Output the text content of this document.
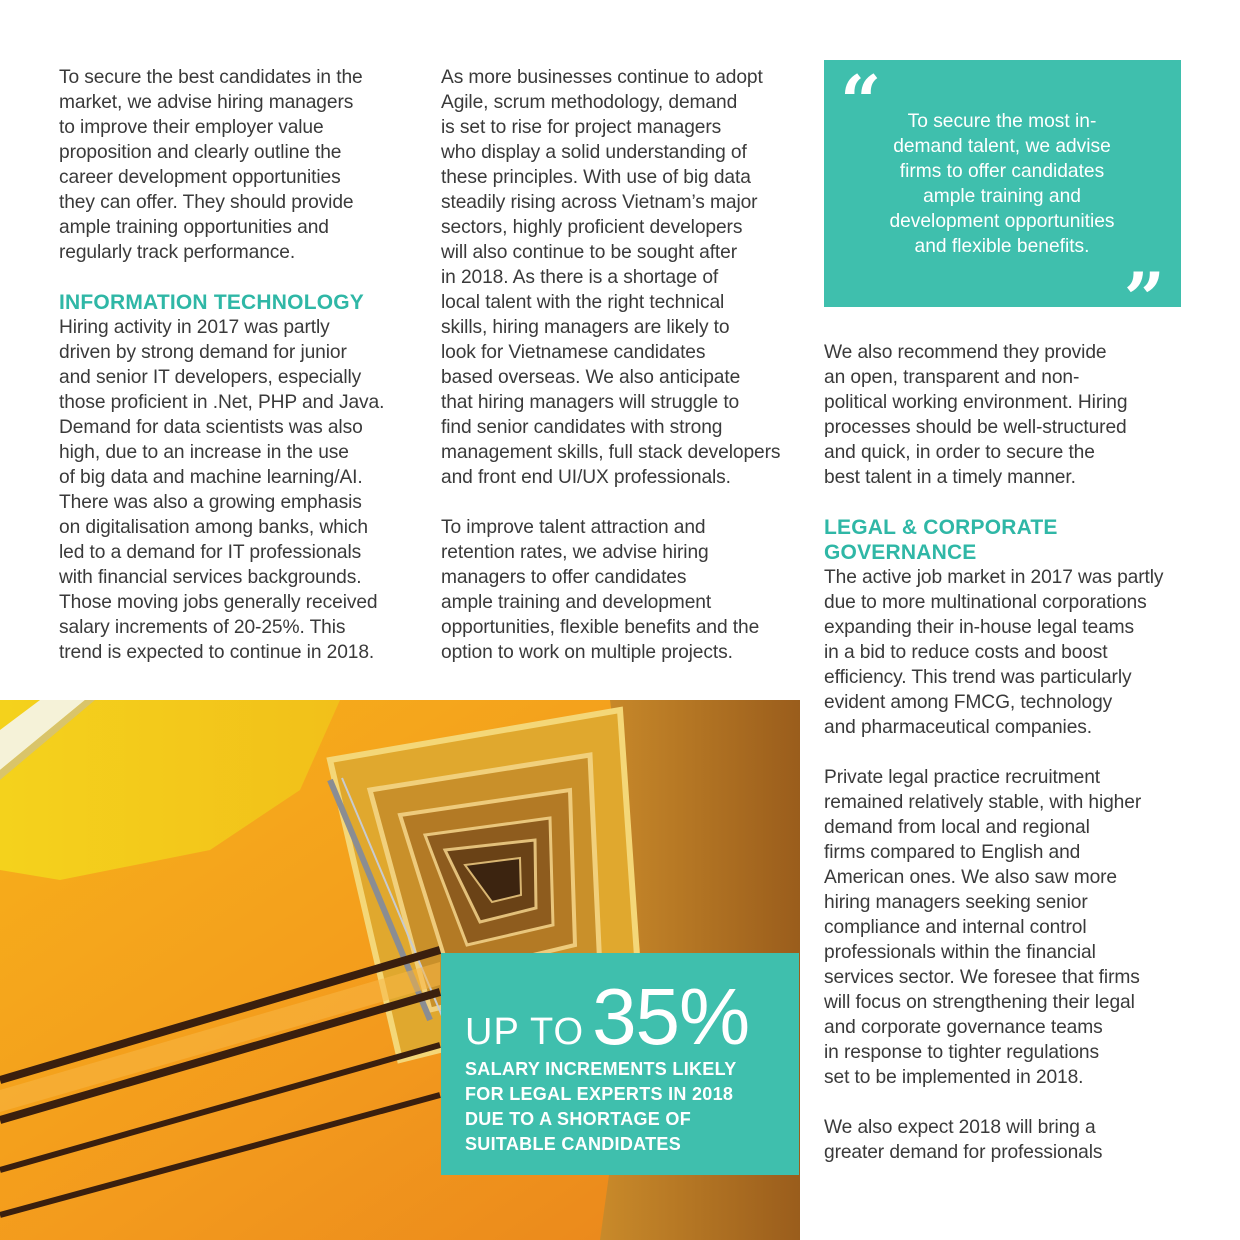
To secure the best candidates in the
market, we advise hiring managers
to improve their employer value
proposition and clearly outline the
career development opportunities
they can offer. They should provide
ample training opportunities and
regularly track performance.

INFORMATION TECHNOLOGY

Hiring activity in 2017 was partly
driven by strong demand for junior
and senior IT developers, especially
those proficient in .Net, PHP and Java.
Demand for data scientists was also
high, due to an increase in the use
of big data and machine learning/AI.
There was also a growing emphasis
on digitalisation among banks, which
led to a demand for IT professionals
with financial services backgrounds.
Those moving jobs generally received
salary increments of 20-25%. This
trend is expected to continue in 2018.

As more businesses continue to adopt
Agile, scrum methodology, demand
is set to rise for project managers
who display a solid understanding of
these principles. With use of big data
steadily rising across Vietnam’s major
sectors, highly proficient developers
will also continue to be sought after
in 2018. As there is a shortage of
local talent with the right technical
skills, hiring managers are likely to
look for Vietnamese candidates
based overseas. We also anticipate
that hiring managers will struggle to
find senior candidates with strong
management skills, full stack developers
and front end UI/UX professionals.

To improve talent attraction and
retention rates, we advise hiring
managers to offer candidates
ample training and development
opportunities, flexible benefits and the
option to work on multiple projects.

“	To secure the most in-
demand talent, we advise
firms to offer candidates
ample training and
development opportunities
and flexible benefits.
”

We also recommend they provide
an open, transparent and non-
political working environment. Hiring
processes should be well-structured
and quick, in order to secure the
best talent in a timely manner.

LEGAL & CORPORATE
GOVERNANCE

The active job market in 2017 was partly
due to more multinational corporations
expanding their in-house legal teams
in a bid to reduce costs and boost
efficiency. This trend was particularly
evident among FMCG, technology
and pharmaceutical companies.

Private legal practice recruitment
remained relatively stable, with higher
demand from local and regional
firms compared to English and
American ones. We also saw more
hiring managers seeking senior
compliance and internal control
professionals within the financial
services sector. We foresee that firms
will focus on strengthening their legal
and corporate governance teams
in response to tighter regulations
set to be implemented in 2018.

We also expect 2018 will bring a
greater demand for professionals

UP TO 35%
SALARY INCREMENTS LIKELY
FOR LEGAL EXPERTS IN 2018
DUE TO A SHORTAGE OF
SUITABLE CANDIDATES
